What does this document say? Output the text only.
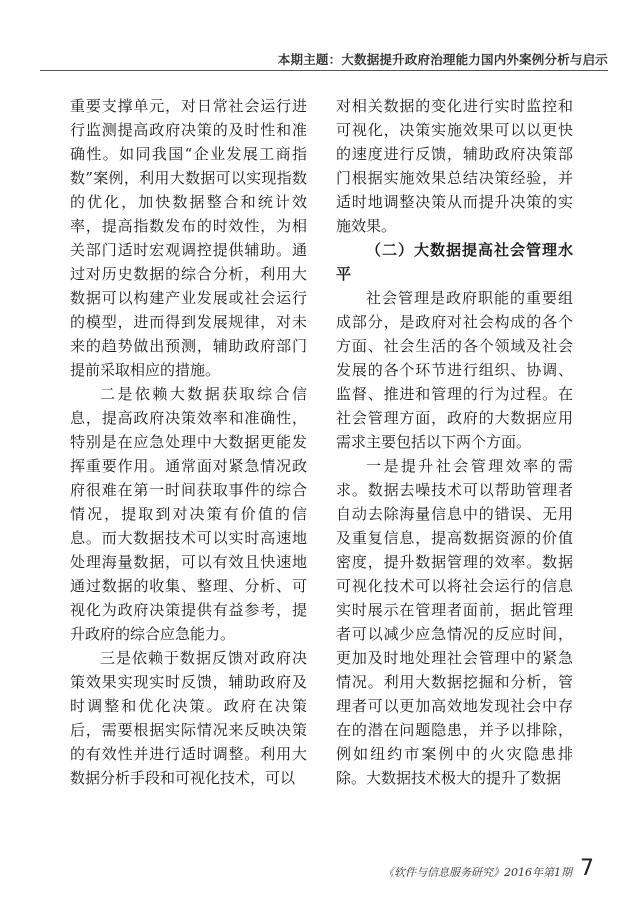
本期主题：大数据提升政府治理能力国内外案例分析与启示

重要支撑单元，对日常社会运行进行监测提高政府决策的及时性和准确性。如同我国“企业发展工商指数”案例，利用大数据可以实现指数的优化，加快数据整合和统计效率，提高指数发布的时效性，为相关部门适时宏观调控提供辅助。通过对历史数据的综合分析，利用大数据可以构建产业发展或社会运行的模型，进而得到发展规律，对未来的趋势做出预测，辅助政府部门提前采取相应的措施。

二是依赖大数据获取综合信息，提高政府决策效率和准确性，特别是在应急处理中大数据更能发挥重要作用。通常面对紧急情况政府很难在第一时间获取事件的综合情况，提取到对决策有价值的信息。而大数据技术可以实时高速地处理海量数据，可以有效且快速地通过数据的收集、整理、分析、可视化为政府决策提供有益参考，提升政府的综合应急能力。

三是依赖于数据反馈对政府决策效果实现实时反馈，辅助政府及时调整和优化决策。政府在决策后，需要根据实际情况来反映决策的有效性并进行适时调整。利用大数据分析手段和可视化技术，可以

对相关数据的变化进行实时监控和可视化，决策实施效果可以以更快的速度进行反馈，辅助政府决策部门根据实施效果总结决策经验，并适时地调整决策从而提升决策的实施效果。

（二）大数据提高社会管理水平

社会管理是政府职能的重要组成部分，是政府对社会构成的各个方面、社会生活的各个领域及社会发展的各个环节进行组织、协调、监督、推进和管理的行为过程。在社会管理方面，政府的大数据应用需求主要包括以下两个方面。

一是提升社会管理效率的需求。数据去噪技术可以帮助管理者自动去除海量信息中的错误、无用及重复信息，提高数据资源的价值密度，提升数据管理的效率。数据可视化技术可以将社会运行的信息实时展示在管理者面前，据此管理者可以减少应急情况的反应时间，更加及时地处理社会管理中的紧急情况。利用大数据挖掘和分析，管理者可以更加高效地发现社会中存在的潜在问题隐患，并予以排除，例如纽约市案例中的火灾隐患排除。大数据技术极大的提升了数据

《软件与信息服务研究》2016年第1期 7
